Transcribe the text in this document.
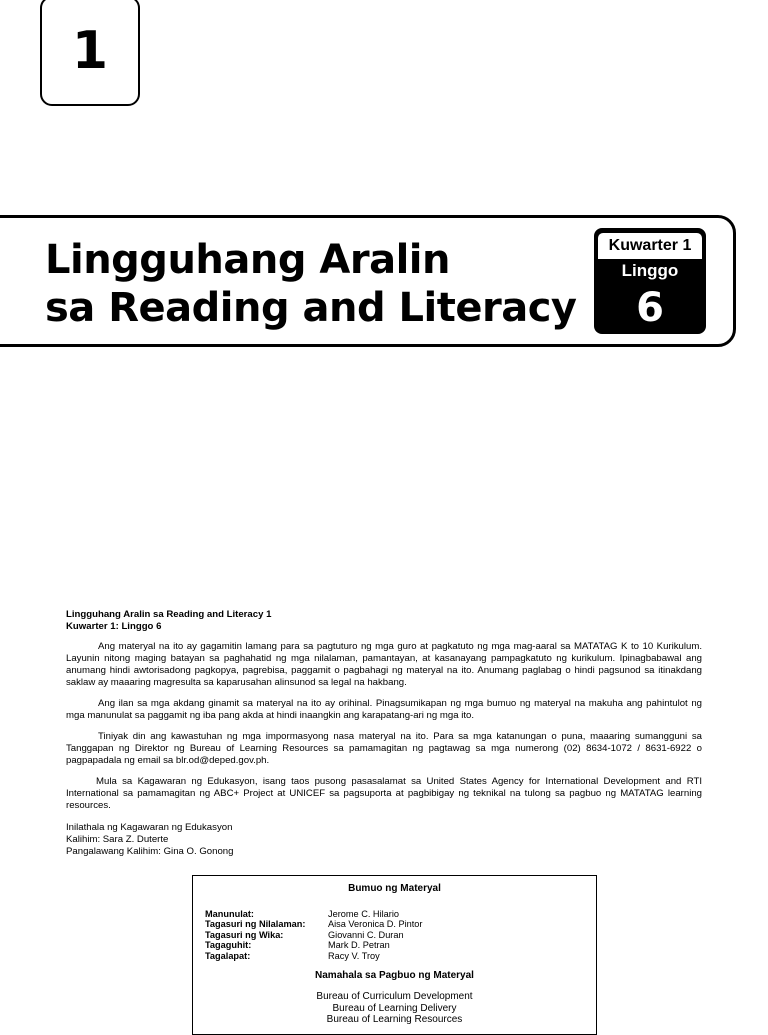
1
Lingguhang Aralin
sa Reading and Literacy
Kuwarter 1
Linggo
6
Lingguhang Aralin sa Reading and Literacy 1
Kuwarter 1: Linggo 6

Ang materyal na ito ay gagamitin lamang para sa pagtuturo ng mga guro at pagkatuto ng mga mag-aaral sa MATATAG K to 10 Kurikulum. Layunin nitong maging batayan sa paghahatid ng mga nilalaman, pamantayan, at kasanayang pampagkatuto ng kurikulum. Ipinagbabawal ang anumang hindi awtorisadong pagkopya, pagrebisa, paggamit o pagbahagi ng materyal na ito. Anumang paglabag o hindi pagsunod sa itinakdang saklaw ay maaaring magresulta sa kaparusahan alinsunod sa legal na hakbang.

Ang ilan sa mga akdang ginamit sa materyal na ito ay orihinal. Pinagsumikapan ng mga bumuo ng materyal na makuha ang pahintulot ng mga manunulat sa paggamit ng iba pang akda at hindi inaangkin ang karapatang-ari ng mga ito.

Tiniyak din ang kawastuhan ng mga impormasyong nasa materyal na ito. Para sa mga katanungan o puna, maaaring sumangguni sa Tanggapan ng Direktor ng Bureau of Learning Resources sa pamamagitan ng pagtawag sa mga numerong (02) 8634-1072 / 8631-6922 o pagpapadala ng email sa blr.od@deped.gov.ph.

Mula sa Kagawaran ng Edukasyon, isang taos pusong pasasalamat sa United States Agency for International Development and RTI International sa pamamagitan ng ABC+ Project at UNICEF sa pagsuporta at pagbibigay ng teknikal na tulong sa pagbuo ng MATATAG learning resources.

Inilathala ng Kagawaran ng Edukasyon
Kalihim: Sara Z. Duterte
Pangalawang Kalihim: Gina O. Gonong
Bumuo ng Materyal
Manunulat:	Jerome C. Hilario
Tagasuri ng Nilalaman: Aisa Veronica D. Pintor
Tagasuri ng Wika:	Giovanni C. Duran
Tagaguhit:	Mark D. Petran
Tagalapat:	Racy V. Troy
Namahala sa Pagbuo ng Materyal
Bureau of Curriculum Development
Bureau of Learning Delivery
Bureau of Learning Resources
